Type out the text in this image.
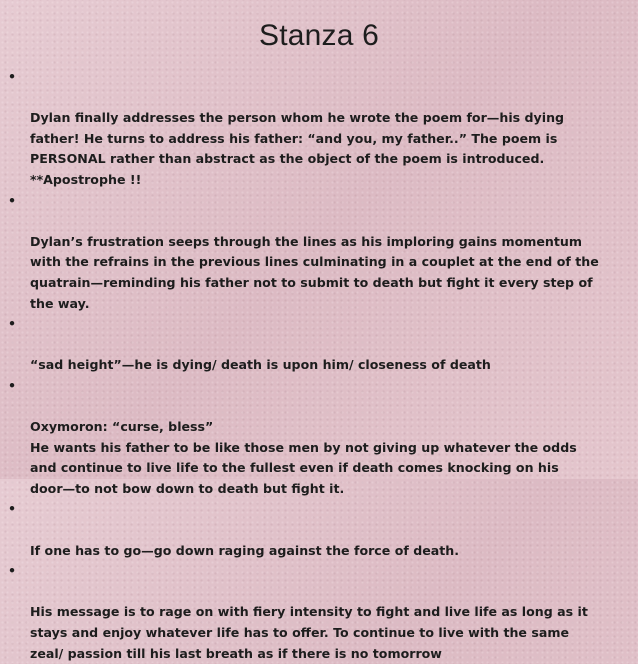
Stanza 6

•

Dylan finally addresses the person whom he wrote the poem for—his dying
father! He turns to address his father: “and you, my father..” The poem is
PERSONAL rather than abstract as the object of the poem is introduced.
**Apostrophe !!

•

Dylan’s frustration seeps through the lines as his imploring gains momentum
with the refrains in the previous lines culminating in a couplet at the end of the
quatrain—reminding his father not to submit to death but fight it every step of
the way.

•

“sad height”—he is dying/ death is upon him/ closeness of death

•

Oxymoron: “curse, bless”
He wants his father to be like those men by not giving up whatever the odds
and continue to live life to the fullest even if death comes knocking on his
door—to not bow down to death but fight it.

•

If one has to go—go down raging against the force of death.

•

His message is to rage on with fiery intensity to fight and live life as long as it
stays and enjoy whatever life has to offer. To continue to live with the same
zeal/ passion till his last breath as if there is no tomorrow
